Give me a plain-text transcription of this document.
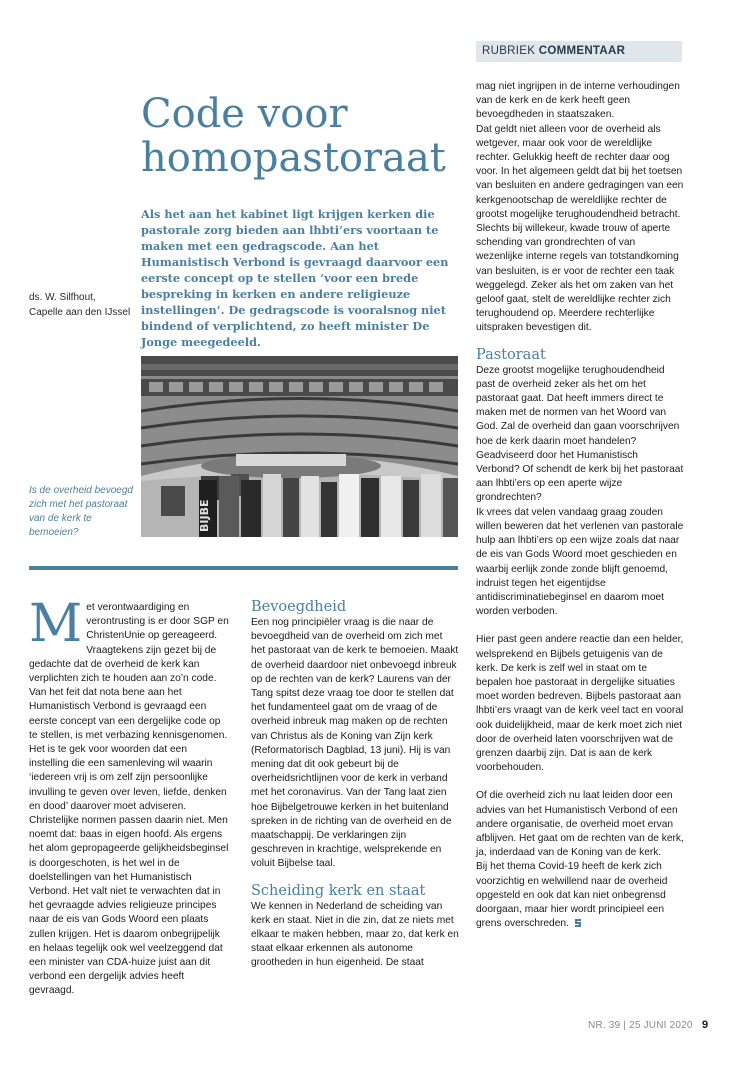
RUBRIEK COMMENTAAR
Code voor homopastoraat

Als het aan het kabinet ligt krijgen kerken die pastorale zorg bieden aan lhbti’ers voortaan te maken met een gedragscode. Aan het Humanistisch Verbond is gevraagd daarvoor een eerste concept op te stellen ‘voor een brede bespreking in kerken en andere religieuze instellingen’. De gedragscode is vooralsnog niet bindend of verplichtend, zo heeft minister De Jonge meegedeeld.

ds. W. Silfhout,
Capelle aan den IJssel
BIJBE
Is de overheid bevoegd zich met het pastoraat van de kerk te bemoeien?
M et verontwaardiging en verontrusting is er door SGP en ChristenUnie op gereageerd. Vraagtekens zijn gezet bij de gedachte dat de overheid de kerk kan verplichten zich te houden aan zo’n code. Van het feit dat nota bene aan het Humanistisch Verbond is gevraagd een eerste concept van een dergelijke code op te stellen, is met verbazing kennisgenomen. Het is te gek voor woorden dat een instelling die een samenleving wil waarin ‘iedereen vrij is om zelf zijn persoonlijke invulling te geven over leven, liefde, denken en dood’ daarover moet adviseren. Christelijke normen passen daarin niet. Men noemt dat: baas in eigen hoofd. Als ergens het alom gepropageerde gelijkheidsbeginsel is doorgeschoten, is het wel in de doelstellingen van het Humanistisch Verbond. Het valt niet te verwachten dat in het gevraagde advies religieuze principes naar de eis van Gods Woord een plaats zullen krijgen. Het is daarom onbegrijpelijk en helaas tegelijk ook wel veelzeggend dat een minister van CDA-huize juist aan dit verbond een dergelijk advies heeft gevraagd.

Bevoegdheid

Een nog principiëler vraag is die naar de bevoegdheid van de overheid om zich met het pastoraat van de kerk te bemoeien. Maakt de overheid daardoor niet onbevoegd inbreuk op de rechten van de kerk? Laurens van der Tang spitst deze vraag toe door te stellen dat het fundamenteel gaat om de vraag of de overheid inbreuk mag maken op de rechten van Christus als de Koning van Zijn kerk (Reformatorisch Dagblad, 13 juni). Hij is van mening dat dit ook gebeurt bij de overheidsrichtlijnen voor de kerk in verband met het coronavirus. Van der Tang laat zien hoe Bijbelgetrouwe kerken in het buitenland spreken in de richting van de overheid en de maatschappij. De verklaringen zijn geschreven in krachtige, welsprekende en voluit Bijbelse taal.

Scheiding kerk en staat

We kennen in Nederland de scheiding van kerk en staat. Niet in die zin, dat ze niets met elkaar te maken hebben, maar zo, dat kerk en staat elkaar erkennen als autonome grootheden in hun eigenheid. De staat

mag niet ingrijpen in de interne verhoudingen van de kerk en de kerk heeft geen bevoegdheden in staatszaken.

Dat geldt niet alleen voor de overheid als wetgever, maar ook voor de wereldlijke rechter. Gelukkig heeft de rechter daar oog voor. In het algemeen geldt dat bij het toetsen van besluiten en andere gedragingen van een kerkgenootschap de wereldlijke rechter de grootst mogelijke terughoudendheid betracht. Slechts bij willekeur, kwade trouw of aperte schending van grondrechten of van wezenlijke interne regels van totstandkoming van besluiten, is er voor de rechter een taak weggelegd. Zeker als het om zaken van het geloof gaat, stelt de wereldlijke rechter zich terughoudend op. Meerdere rechterlijke uitspraken bevestigen dit.

Pastoraat

Deze grootst mogelijke terughoudendheid past de overheid zeker als het om het pastoraat gaat. Dat heeft immers direct te maken met de normen van het Woord van God. Zal de overheid dan gaan voorschrijven hoe de kerk daarin moet handelen? Geadviseerd door het Humanistisch Verbond? Of schendt de kerk bij het pastoraat aan lhbti’ers op een aperte wijze grondrechten?

Ik vrees dat velen vandaag graag zouden willen beweren dat het verlenen van pastorale hulp aan lhbti’ers op een wijze zoals dat naar de eis van Gods Woord moet geschieden en waarbij eerlijk zonde zonde blijft genoemd, indruist tegen het eigentijdse antidiscriminatiebeginsel en daarom moet worden verboden.

Hier past geen andere reactie dan een helder, welsprekend en Bijbels getuigenis van de kerk. De kerk is zelf wel in staat om te bepalen hoe pastoraat in dergelijke situaties moet worden bedreven. Bijbels pastoraat aan lhbti’ers vraagt van de kerk veel tact en vooral ook duidelijkheid, maar de kerk moet zich niet door de overheid laten voorschrijven wat de grenzen daarbij zijn. Dat is aan de kerk voorbehouden.

Of die overheid zich nu laat leiden door een advies van het Humanistisch Verbond of een andere organisatie, de overheid moet ervan afblijven. Het gaat om de rechten van de kerk, ja, inderdaad van de Koning van de kerk.

Bij het thema Covid-19 heeft de kerk zich voorzichtig en welwillend naar de overheid opgesteld en ook dat kan niet onbegrensd doorgaan, maar hier wordt principieel een grens overschreden.

NR. 39 | 25 JUNI 2020 9
